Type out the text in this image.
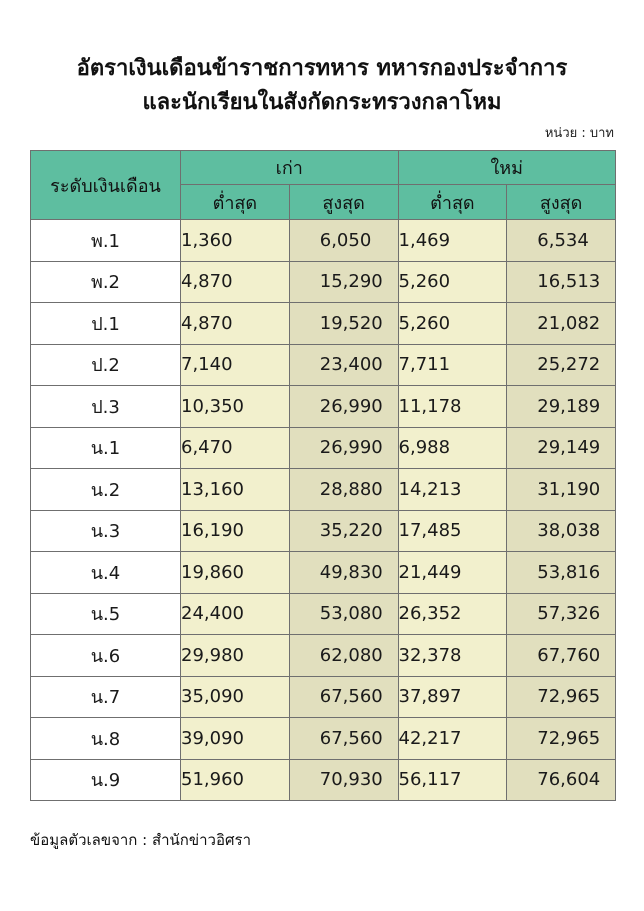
อัตราเงินเดือนข้าราชการทหาร ทหารกองประจำการ
และนักเรียนในสังกัดกระทรวงกลาโหม
หน่วย : บาท
ระดับเงินเดือน	เก่า		ใหม่	
	ต่ำสุด	สูงสุด	ต่ำสุด	สูงสุด
พ.1	1,360	6,050	1,469	6,534
พ.2	4,870	15,290	5,260	16,513
ป.1	4,870	19,520	5,260	21,082
ป.2	7,140	23,400	7,711	25,272
ป.3	10,350	26,990	11,178	29,189
น.1	6,470	26,990	6,988	29,149
น.2	13,160	28,880	14,213	31,190
น.3	16,190	35,220	17,485	38,038
น.4	19,860	49,830	21,449	53,816
น.5	24,400	53,080	26,352	57,326
น.6	29,980	62,080	32,378	67,760
น.7	35,090	67,560	37,897	72,965
น.8	39,090	67,560	42,217	72,965
น.9	51,960	70,930	56,117	76,604
ข้อมูลตัวเลขจาก : สำนักข่าวอิศรา
